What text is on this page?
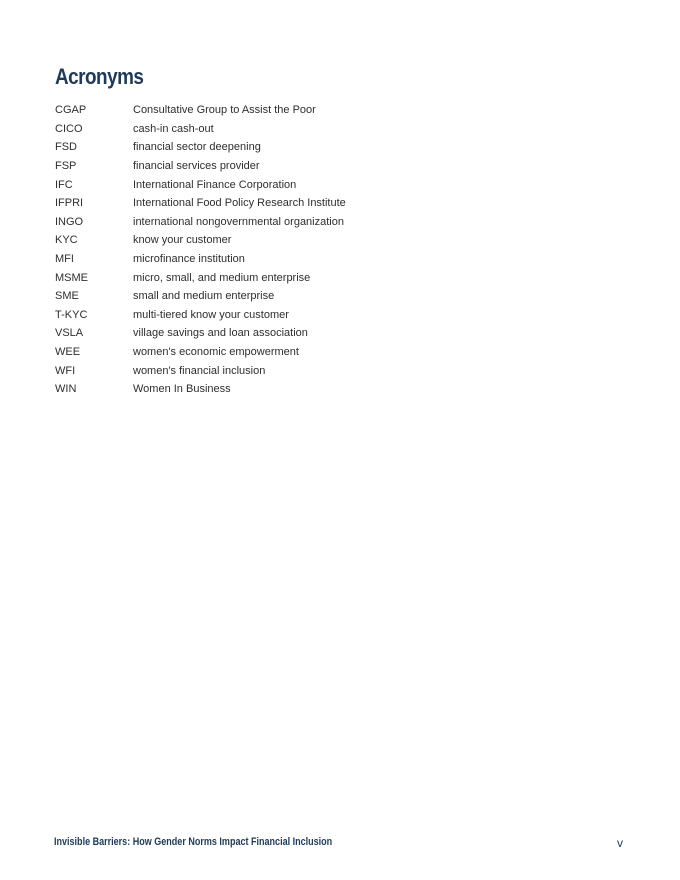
Acronyms
CGAP	Consultative Group to Assist the Poor
CICO	cash-in cash-out
FSD	financial sector deepening
FSP	financial services provider
IFC	International Finance Corporation
IFPRI	International Food Policy Research Institute
INGO	international nongovernmental organization
KYC	know your customer
MFI	microfinance institution
MSME	micro, small, and medium enterprise
SME	small and medium enterprise
T-KYC	multi-tiered know your customer
VSLA	village savings and loan association
WEE	women's economic empowerment
WFI	women's financial inclusion
WIN	Women In Business
Invisible Barriers: How Gender Norms Impact Financial Inclusion	v
